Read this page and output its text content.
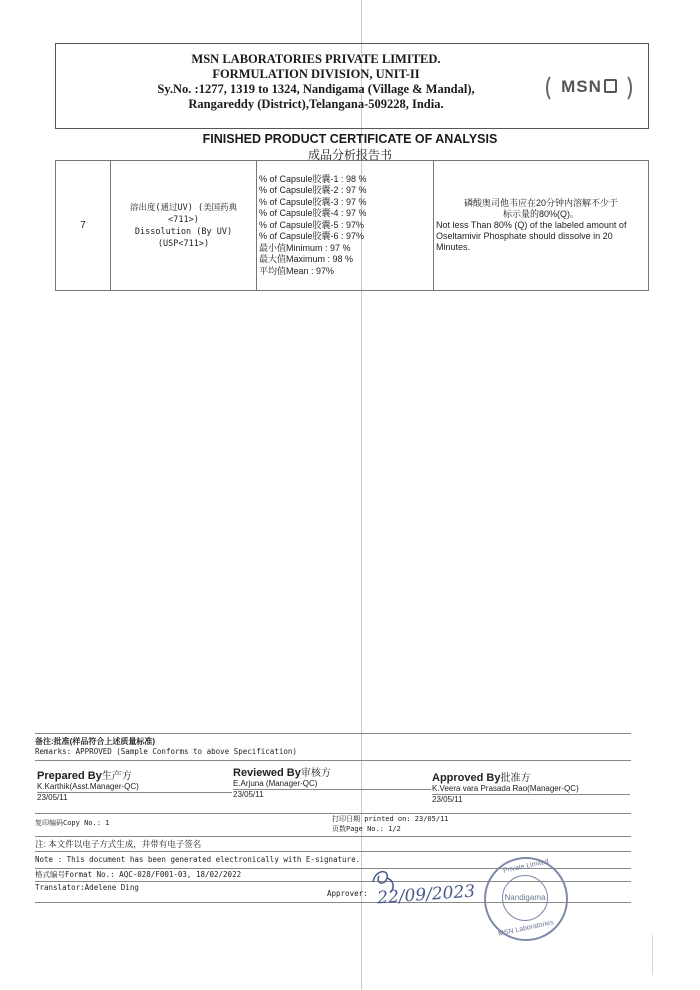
MSN LABORATORIES PRIVATE LIMITED.
FORMULATION DIVISION, UNIT-II
Sy.No. :1277, 1319 to 1324, Nandigama (Village & Mandal),
Rangareddy (District),Telangana-509228, India.
MSN
FINISHED PRODUCT CERTIFICATE OF ANALYSIS
成品分析报告书
7	
溶出度(通过UV) (美国药典
<711>)
Dissolution (By UV)
(USP<711>)

% of Capsule胶囊-1 : 98 %
% of Capsule胶囊-2 : 97 %
% of Capsule胶囊-3 : 97 %
% of Capsule胶囊-4 : 97 %
% of Capsule胶囊-5 : 97%
% of Capsule胶囊-6 : 97%
最小值Minimum : 97 %
最大值Maximum : 98 %
平均值Mean : 97%

磷酸奥司他韦应在20分钟内溶解不少于
标示量的80%(Q)。
Not less Than 80% (Q) of the labeled amount of Oseltamivir Phosphate should dissolve in 20 Minutes.
备注:批准(样品符合上述质量标准)
Remarks: APPROVED (Sample Conforms to above Specification)
Prepared By生产方
K.Karthik(Asst.Manager-QC)
23/05/11
Reviewed By审核方
E.Arjuna (Manager-QC)
23/05/11
Approved By批准方
K.Veera vara Prasada Rao(Manager-QC)
23/05/11
复印编码Copy No.: 1	打印日期 printed on: 23/05/11
页数Page No.: 1/2
注: 本文件以电子方式生成，并带有电子签名
Note : This document has been generated electronically with E-signature.
格式编号Format No.: AQC-028/F001-03, 18/02/2022
Translator:Adelene Ding
Approver: 22/09/2023
Private Limited
Nandigama
MSN Laboratories
